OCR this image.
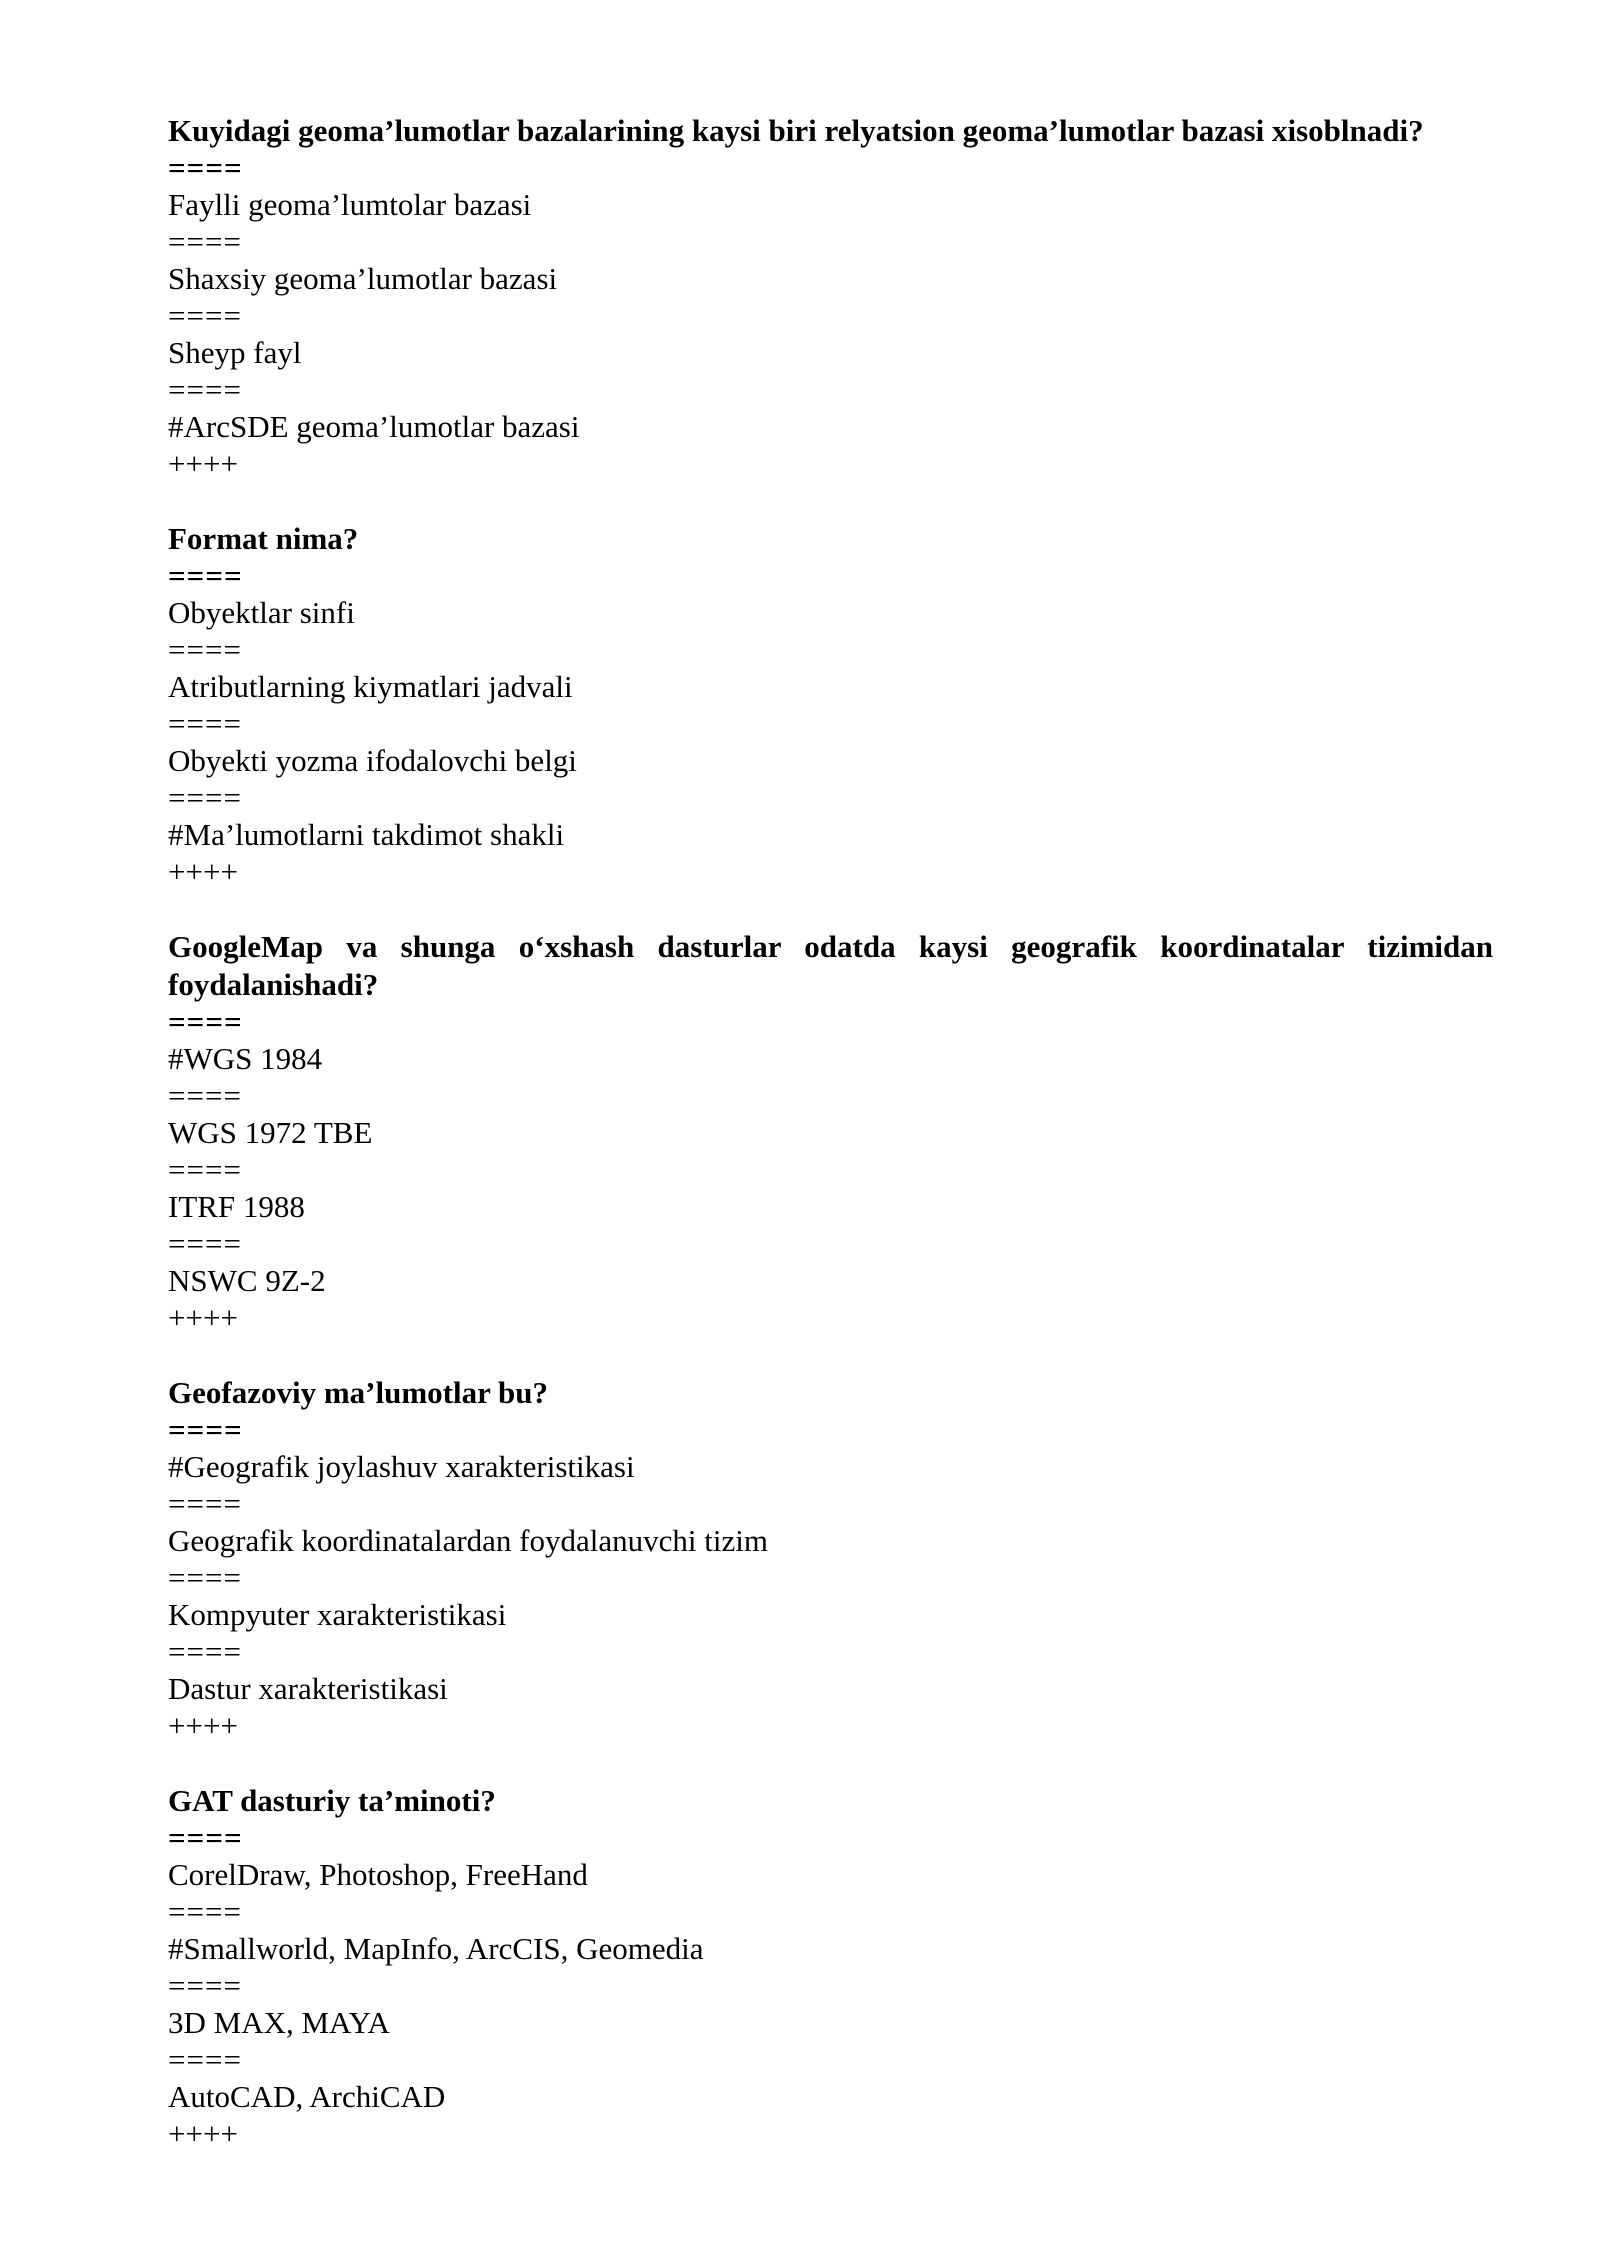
Kuyidagi geoma’lumotlar bazalarining kaysi biri relyatsion geoma’lumotlar bazasi xisoblnadi?

====

Faylli geoma’lumtolar bazasi

====

Shaxsiy geoma’lumotlar bazasi

====

Sheyp fayl

====

#ArcSDE geoma’lumotlar bazasi

++++

Format nima?

====

Obyektlar sinfi

====

Atributlarning kiymatlari jadvali

====

Obyekti yozma ifodalovchi belgi

====

#Ma’lumotlarni takdimot shakli

++++

GoogleMap va shunga o‘xshash dasturlar odatda kaysi geografik koordinatalar tizimidan foydalanishadi?

====

#WGS 1984

====

WGS 1972 TBE

====

ITRF 1988

====

NSWC 9Z-2

++++

Geofazoviy ma’lumotlar bu?

====

#Geografik joylashuv xarakteristikasi

====

Geografik koordinatalardan foydalanuvchi tizim

====

Kompyuter xarakteristikasi

====

Dastur xarakteristikasi

++++

GAT dasturiy ta’minoti?

====

CorelDraw, Photoshop, FreeHand

====

#Smallworld, MapInfo, ArcCIS, Geomedia

====

3D MAX, MAYA

====

AutoCAD, ArchiCAD

++++
